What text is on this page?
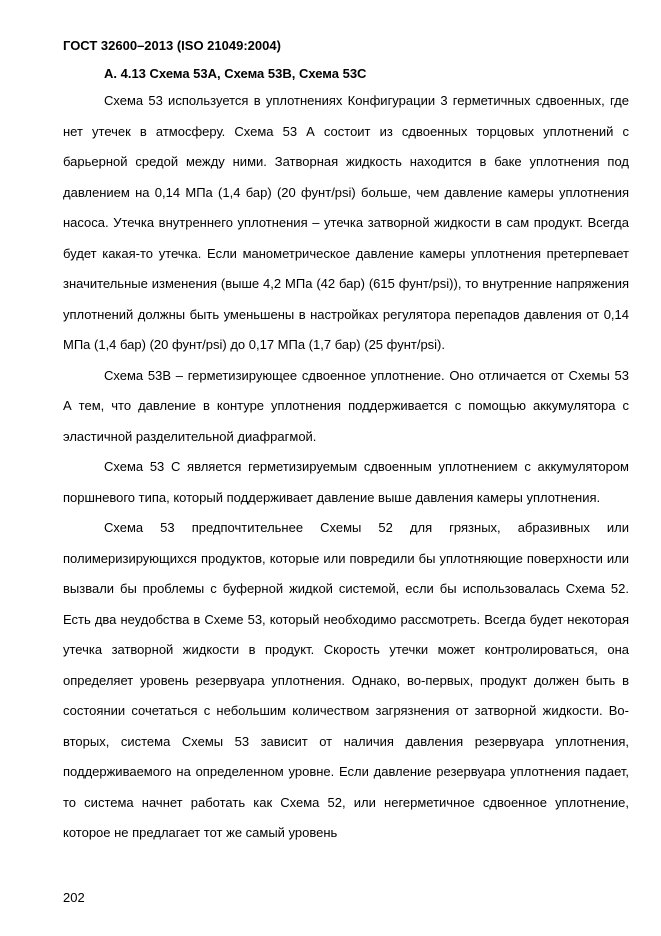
ГОСТ 32600–2013 (ISO 21049:2004)
А. 4.13 Схема 53А, Схема 53В, Схема 53С

Схема 53 используется в уплотнениях Конфигурации 3 герметичных сдвоенных, где нет утечек в атмосферу. Схема 53 А состоит из сдвоенных торцовых уплотнений с барьерной средой между ними. Затворная жидкость находится в баке уплотнения под давлением на 0,14 МПа (1,4 бар) (20 фунт/psi) больше, чем давление камеры уплотнения насоса. Утечка внутреннего уплотнения – утечка затворной жидкости в сам продукт. Всегда будет какая-то утечка. Если манометрическое давление камеры уплотнения претерпевает значительные изменения (выше 4,2 МПа (42 бар) (615 фунт/psi)), то внутренние напряжения уплотнений должны быть уменьшены в настройках регулятора перепадов давления от 0,14 МПа (1,4 бар) (20 фунт/psi) до 0,17 МПа (1,7 бар) (25 фунт/psi).

Схема 53В – герметизирующее сдвоенное уплотнение. Оно отличается от Схемы 53 А тем, что давление в контуре уплотнения поддерживается с помощью аккумулятора с эластичной разделительной диафрагмой.

Схема 53 С является герметизируемым сдвоенным уплотнением с аккумулятором поршневого типа, который поддерживает давление выше давления камеры уплотнения.

Схема 53 предпочтительнее Схемы 52 для грязных, абразивных или полимеризирующихся продуктов, которые или повредили бы уплотняющие поверхности или вызвали бы проблемы с буферной жидкой системой, если бы использовалась Схема 52. Есть два неудобства в Схеме 53, который необходимо рассмотреть. Всегда будет некоторая утечка затворной жидкости в продукт. Скорость утечки может контролироваться, она определяет уровень резервуара уплотнения. Однако, во-первых, продукт должен быть в состоянии сочетаться с небольшим количеством загрязнения от затворной жидкости. Во-вторых, система Схемы 53 зависит от наличия давления резервуара уплотнения, поддерживаемого на определенном уровне. Если давление резервуара уплотнения падает, то система начнет работать как Схема 52, или негерметичное сдвоенное уплотнение, которое не предлагает тот же самый уровень

202
